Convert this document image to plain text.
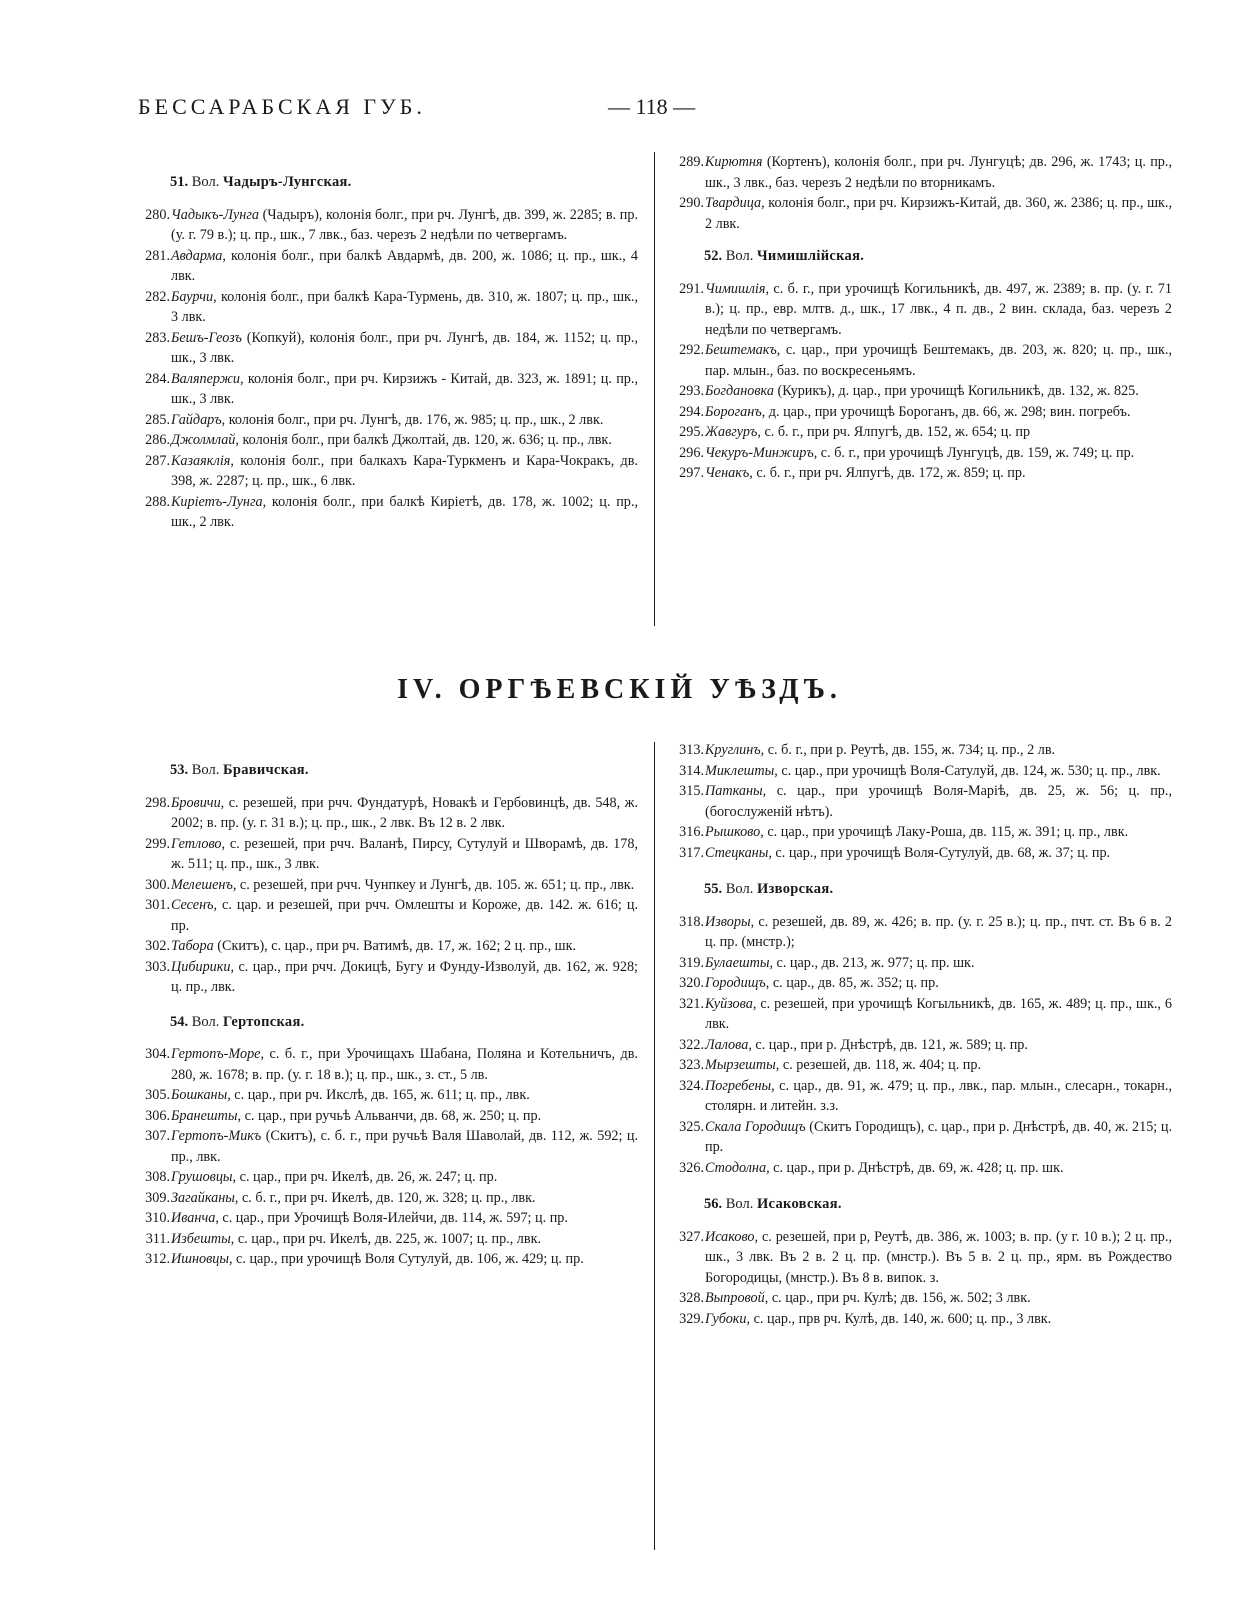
БЕССАРАБСКАЯ ГУБ.	— 118 —
51. Вол. Чадыръ-Лунгская.
280. Чадыкъ-Лунга (Чадыръ), колонія болг., при рч. Лунгѣ, дв. 399, ж. 2285; в. пр. (у. г. 79 в.); ц. пр., шк., 7 лвк., баз. черезъ 2 недѣли по четвергамъ.
281. Авдарма, колонія болг., при балкѣ Авдармѣ, дв. 200, ж. 1086; ц. пр., шк., 4 лвк.
282. Баурчи, колонія болг., при балкѣ Кара-Турмень, дв. 310, ж. 1807; ц. пр., шк., 3 лвк.
283. Бешъ-Геозъ (Копкуй), колонія болг., при рч. Лунгѣ, дв. 184, ж. 1152; ц. пр., шк., 3 лвк.
284. Валяпержи, колонія болг., при рч. Кирзижъ - Китай, дв. 323, ж. 1891; ц. пр., шк., 3 лвк.
285. Гайдаръ, колонія болг., при рч. Лунгѣ, дв. 176, ж. 985; ц. пр., шк., 2 лвк.
286. Джолмлай, колонія болг., при балкѣ Джолтай, дв. 120, ж. 636; ц. пр., лвк.
287. Казаяклія, колонія болг., при балкахъ Кара-Туркменъ и Кара-Чокракъ, дв. 398, ж. 2287; ц. пр., шк., 6 лвк.
288. Киріетъ-Лунга, колонія болг., при балкѣ Киріетѣ, дв. 178, ж. 1002; ц. пр., шк., 2 лвк.
289. Кирютня (Кортенъ), колонія болг., при рч. Лунгуцѣ; дв. 296, ж. 1743; ц. пр., шк., 3 лвк., баз. черезъ 2 недѣли по вторникамъ.
290. Твардица, колонія болг., при рч. Кирзижъ-Китай, дв. 360, ж. 2386; ц. пр., шк., 2 лвк.
52. Вол. Чимишлійская.
291. Чимишлія, с. б. г., при урочищѣ Когильникѣ, дв. 497, ж. 2389; в. пр. (у. г. 71 в.); ц. пр., евр. млтв. д., шк., 17 лвк., 4 п. дв., 2 вин. склада, баз. черезъ 2 недѣли по четвергамъ.
292. Бештемакъ, с. цар., при урочищѣ Бештемакъ, дв. 203, ж. 820; ц. пр., шк., пар. млын., баз. по воскресеньямъ.
293. Богдановка (Курикъ), д. цар., при урочищѣ Когильникѣ, дв. 132, ж. 825.
294. Бороганъ, д. цар., при урочищѣ Бороганъ, дв. 66, ж. 298; вин. погребъ.
295. Жавгуръ, с. б. г., при рч. Ялпугѣ, дв. 152, ж. 654; ц. пр
296. Чекуръ-Минжиръ, с. б. г., при урочищѣ Лунгуцѣ, дв. 159, ж. 749; ц. пр.
297. Ченакъ, с. б. г., при рч. Ялпугѣ, дв. 172, ж. 859; ц. пр.
IV. ОРГѢЕВСКІЙ УѢЗДЪ.
53. Вол. Бравичская.
298. Бровичи, с. резешей, при рчч. Фундатурѣ, Новакѣ и Гербовинцѣ, дв. 548, ж. 2002; в. пр. (у. г. 31 в.); ц. пр., шк., 2 лвк. Въ 12 в. 2 лвк.
299. Гетлово, с. резешей, при рчч. Валанѣ, Пирсу, Сутулуй и Шворамѣ, дв. 178, ж. 511; ц. пр., шк., 3 лвк.
300. Мелешенъ, с. резешей, при рчч. Чунпкеу и Лунгѣ, дв. 105. ж. 651; ц. пр., лвк.
301. Сесенъ, с. цар. и резешей, при рчч. Омлешты и Короже, дв. 142. ж. 616; ц. пр.
302. Табора (Скитъ), с. цар., при рч. Ватимѣ, дв. 17, ж. 162; 2 ц. пр., шк.
303. Цибирики, с. цар., при рчч. Докицѣ, Бугу и Фунду-Изволуй, дв. 162, ж. 928; ц. пр., лвк.
54. Вол. Гертопская.
304. Гертопъ-Море, с. б. г., при Урочищахъ Шабана, Поляна и Котельничъ, дв. 280, ж. 1678; в. пр. (у. г. 18 в.); ц. пр., шк., з. ст., 5 лв.
305. Бошканы, с. цар., при рч. Икслѣ, дв. 165, ж. 611; ц. пр., лвк.
306. Бранешты, с. цар., при ручьѣ Альванчи, дв. 68, ж. 250; ц. пр.
307. Гертопъ-Микъ (Скитъ), с. б. г., при ручьѣ Валя Шаволай, дв. 112, ж. 592; ц. пр., лвк.
308. Грушовцы, с. цар., при рч. Икелѣ, дв. 26, ж. 247; ц. пр.
309. Загайканы, с. б. г., при рч. Икелѣ, дв. 120, ж. 328; ц. пр., лвк.
310. Иванча, с. цар., при Урочищѣ Воля-Илейчи, дв. 114, ж. 597; ц. пр.
311. Избешты, с. цар., при рч. Икелѣ, дв. 225, ж. 1007; ц. пр., лвк.
312. Ишновцы, с. цар., при урочищѣ Воля Сутулуй, дв. 106, ж. 429; ц. пр.
313. Круглинъ, с. б. г., при р. Реутѣ, дв. 155, ж. 734; ц. пр., 2 лв.
314. Миклешты, с. цар., при урочищѣ Воля-Сатулуй, дв. 124, ж. 530; ц. пр., лвк.
315. Патканы, с. цар., при урочищѣ Воля-Марiѣ, дв. 25, ж. 56; ц. пр., (богослуженій нѣтъ).
316. Рышково, с. цар., при урочищѣ Лаку-Роша, дв. 115, ж. 391; ц. пр., лвк.
317. Стецканы, с. цар., при урочищѣ Воля-Сутулуй, дв. 68, ж. 37; ц. пр.
55. Вол. Изворская.
318. Изворы, с. резешей, дв. 89, ж. 426; в. пр. (у. г. 25 в.); ц. пр., пчт. ст. Въ 6 в. 2 ц. пр. (мнстр.);
319. Булаешты, с. цар., дв. 213, ж. 977; ц. пр. шк.
320. Городищъ, с. цар., дв. 85, ж. 352; ц. пр.
321. Куйзова, с. резешей, при урочищѣ Когыльникѣ, дв. 165, ж. 489; ц. пр., шк., 6 лвк.
322. Лалова, с. цар., при р. Днѣстрѣ, дв. 121, ж. 589; ц. пр.
323. Мырзешты, с. резешей, дв. 118, ж. 404; ц. пр.
324. Погребены, с. цар., дв. 91, ж. 479; ц. пр., лвк., пар. млын., слесарн., токарн., столярн. и литейн. з.з.
325. Скала Городищъ (Скитъ Городищъ), с. цар., при р. Днѣстрѣ, дв. 40, ж. 215; ц. пр.
326. Стодолна, с. цар., при р. Днѣстрѣ, дв. 69, ж. 428; ц. пр. шк.
56. Вол. Исаковская.
327. Исаково, с. резешей, при р, Реутѣ, дв. 386, ж. 1003; в. пр. (у г. 10 в.); 2 ц. пр., шк., 3 лвк. Въ 2 в. 2 ц. пр. (мнстр.). Въ 5 в. 2 ц. пр., ярм. въ Рождество Богородицы, (мнстр.). Въ 8 в. випок. з.
328. Выпровой, с. цар., при рч. Кулѣ; дв. 156, ж. 502; 3 лвк.
329. Губоки, с. цар., прв рч. Кулѣ, дв. 140, ж. 600; ц. пр., 3 лвк.
